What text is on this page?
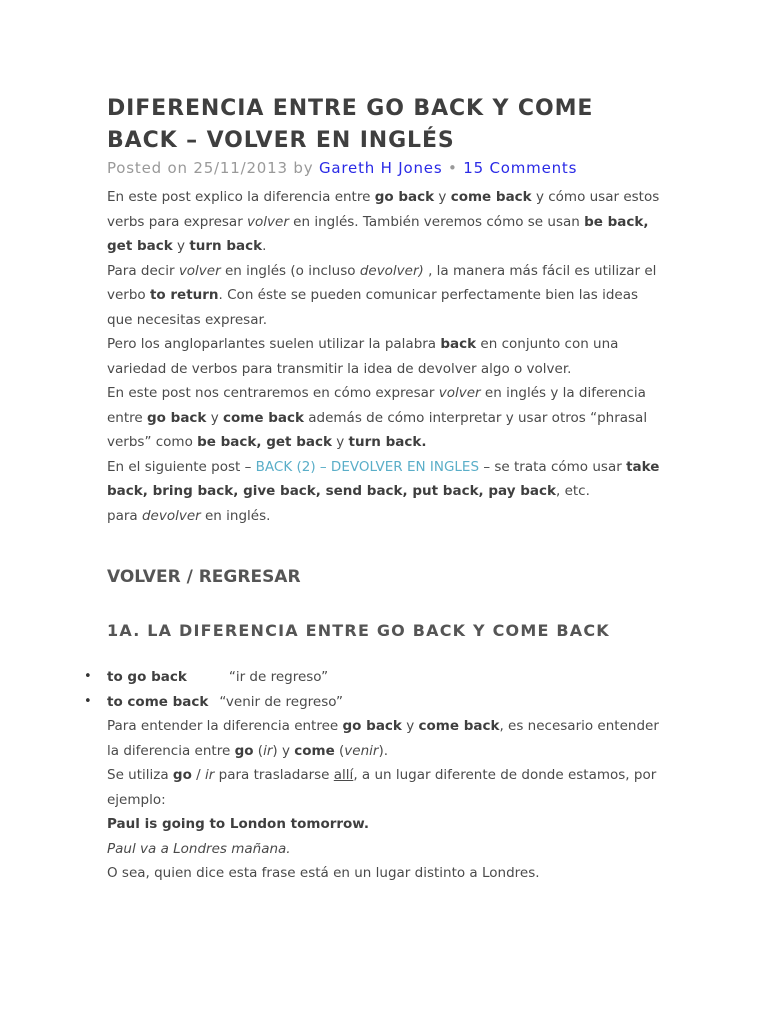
DIFERENCIA ENTRE GO BACK Y COME BACK – VOLVER EN INGLÉS
Posted on 25/11/2013 by Gareth H Jones • 15 Comments

En este post explico la diferencia entre go back y come back y cómo usar estos verbs para expresar volver en inglés. También veremos cómo se usan be back, get back y turn back.

Para decir volver en inglés (o incluso devolver) , la manera más fácil es utilizar el verbo to return. Con éste se pueden comunicar perfectamente bien las ideas que necesitas expresar.

Pero los angloparlantes suelen utilizar la palabra back en conjunto con una variedad de verbos para transmitir la idea de devolver algo o volver.

En este post nos centraremos en cómo expresar volver en inglés y la diferencia entre go back y come back además de cómo interpretar y usar otros “phrasal verbs” como be back, get back y turn back.

En el siguiente post – BACK (2) – DEVOLVER EN INGLES – se trata cómo usar take back, bring back, give back, send back, put back, pay back, etc.
para devolver en inglés.

VOLVER / REGRESAR
1A. LA DIFERENCIA ENTRE GO BACK Y COME BACK
• to go back	“ir de regreso”
• to come back “venir de regreso”

Para entender la diferencia entree go back y come back, es necesario entender la diferencia entre go (ir) y come (venir).

Se utiliza go / ir para trasladarse allí, a un lugar diferente de donde estamos, por ejemplo:

Paul is going to London tomorrow.

Paul va a Londres mañana.

O sea, quien dice esta frase está en un lugar distinto a Londres.
